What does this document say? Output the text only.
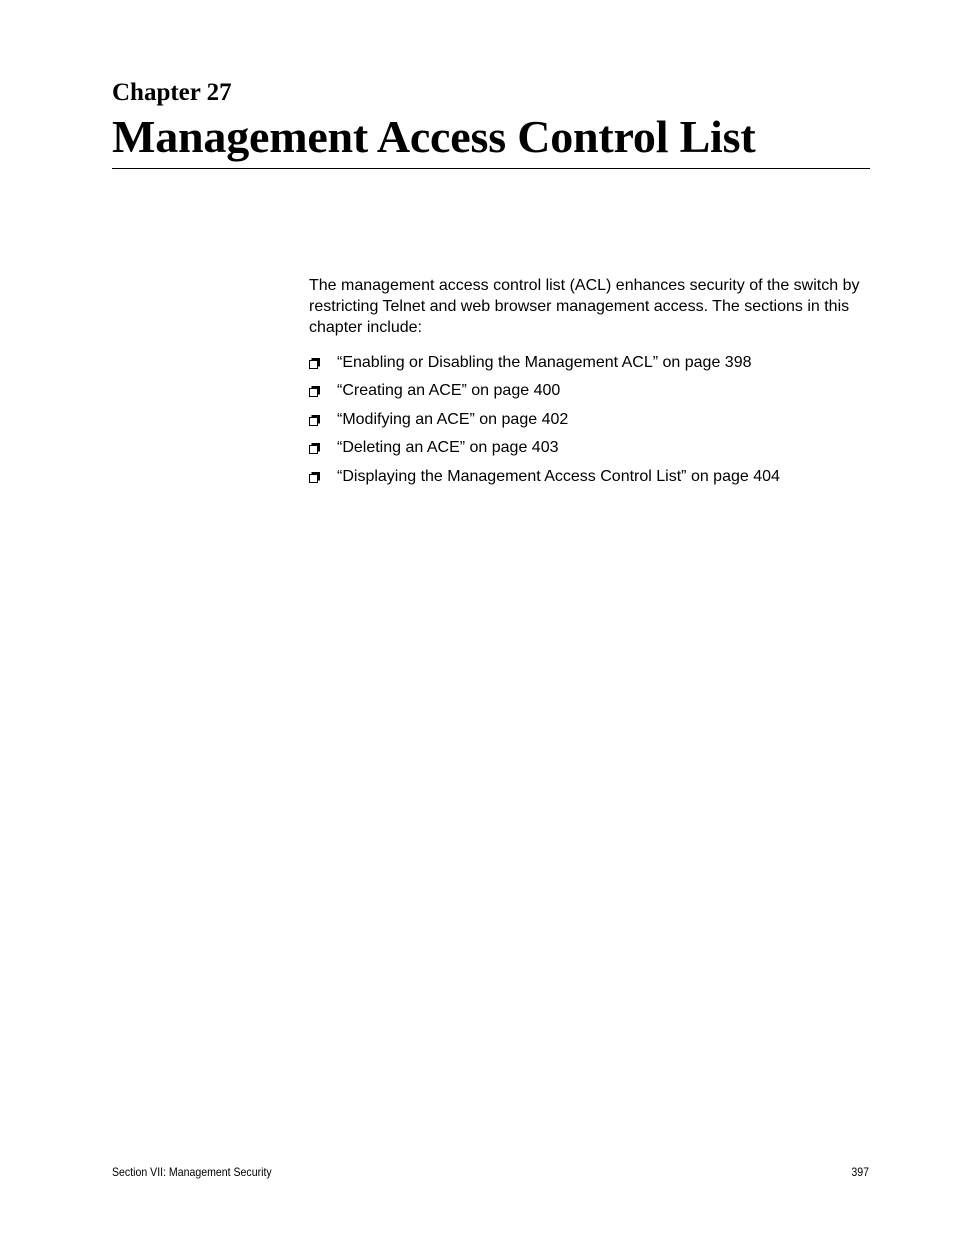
Chapter 27
Management Access Control List

The management access control list (ACL) enhances security of the switch by restricting Telnet and web browser management access. The sections in this chapter include:

“Enabling or Disabling the Management ACL” on page 398
“Creating an ACE” on page 400
“Modifying an ACE” on page 402
“Deleting an ACE” on page 403
“Displaying the Management Access Control List” on page 404
Section VII: Management Security	397
